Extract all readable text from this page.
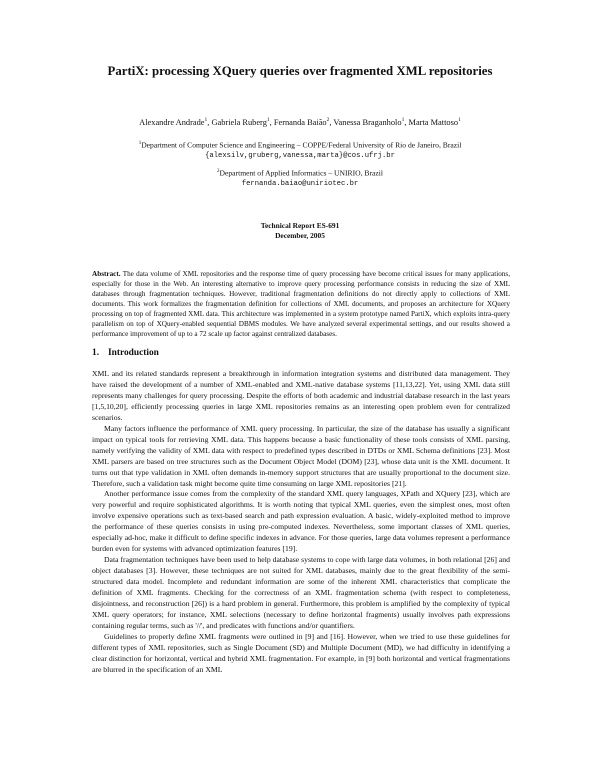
PartiX: processing XQuery queries over fragmented XML repositories
Alexandre Andrade$^1$, Gabriela Ruberg$^1$, Fernanda Baião$^2$, Vanessa Braganholo$^1$, Marta Mattoso$^1$
$^1$Department of Computer Science and Engineering – COPPE/Federal University of Rio de Janeiro, Brazil
{alexsilv,gruberg,vanessa,marta}@cos.ufrj.br
$^2$Department of Applied Informatics – UNIRIO, Brazil
fernanda.baiao@uniriotec.br
Technical Report ES-691
December, 2005
Abstract. The data volume of XML repositories and the response time of query processing have become critical issues for many applications, especially for those in the Web. An interesting alternative to improve query processing performance consists in reducing the size of XML databases through fragmentation techniques. However, traditional fragmentation definitions do not directly apply to collections of XML documents. This work formalizes the fragmentation definition for collections of XML documents, and proposes an architecture for XQuery processing on top of fragmented XML data. This architecture was implemented in a system prototype named PartiX, which exploits intra-query parallelism on top of XQuery-enabled sequential DBMS modules. We have analyzed several experimental settings, and our results showed a performance improvement of up to a 72 scale up factor against centralized databases.
1. Introduction

XML and its related standards represent a breakthrough in information integration systems and distributed data management. They have raised the development of a number of XML-enabled and XML-native database systems [11,13,22]. Yet, using XML data still represents many challenges for query processing. Despite the efforts of both academic and industrial database research in the last years [1,5,10,20], efficiently processing queries in large XML repositories remains as an interesting open problem even for centralized scenarios.

Many factors influence the performance of XML query processing. In particular, the size of the database has usually a significant impact on typical tools for retrieving XML data. This happens because a basic functionality of these tools consists of XML parsing, namely verifying the validity of XML data with respect to predefined types described in DTDs or XML Schema definitions [23]. Most XML parsers are based on tree structures such as the Document Object Model (DOM) [23], whose data unit is the XML document. It turns out that type validation in XML often demands in-memory support structures that are usually proportional to the document size. Therefore, such a validation task might become quite time consuming on large XML repositories [21].

Another performance issue comes from the complexity of the standard XML query languages, XPath and XQuery [23], which are very powerful and require sophisticated algorithms. It is worth noting that typical XML queries, even the simplest ones, most often involve expensive operations such as text-based search and path expression evaluation. A basic, widely-exploited method to improve the performance of these queries consists in using pre-computed indexes. Nevertheless, some important classes of XML queries, especially ad-hoc, make it difficult to define specific indexes in advance. For those queries, large data volumes represent a performance burden even for systems with advanced optimization features [19].

Data fragmentation techniques have been used to help database systems to cope with large data volumes, in both relational [26] and object databases [3]. However, these techniques are not suited for XML databases, mainly due to the great flexibility of the semi-structured data model. Incomplete and redundant information are some of the inherent XML characteristics that complicate the definition of XML fragments. Checking for the correctness of an XML fragmentation schema (with respect to completeness, disjointness, and reconstruction [26]) is a hard problem in general. Furthermore, this problem is amplified by the complexity of typical XML query operators; for instance, XML selections (necessary to define horizontal fragments) usually involves path expressions containing regular terms, such as '//', and predicates with functions and/or quantifiers.

Guidelines to properly define XML fragments were outlined in [9] and [16]. However, when we tried to use these guidelines for different types of XML repositories, such as Single Document (SD) and Multiple Document (MD), we had difficulty in identifying a clear distinction for horizontal, vertical and hybrid XML fragmentation. For example, in [9] both horizontal and vertical fragmentations are blurred in the specification of an XML
